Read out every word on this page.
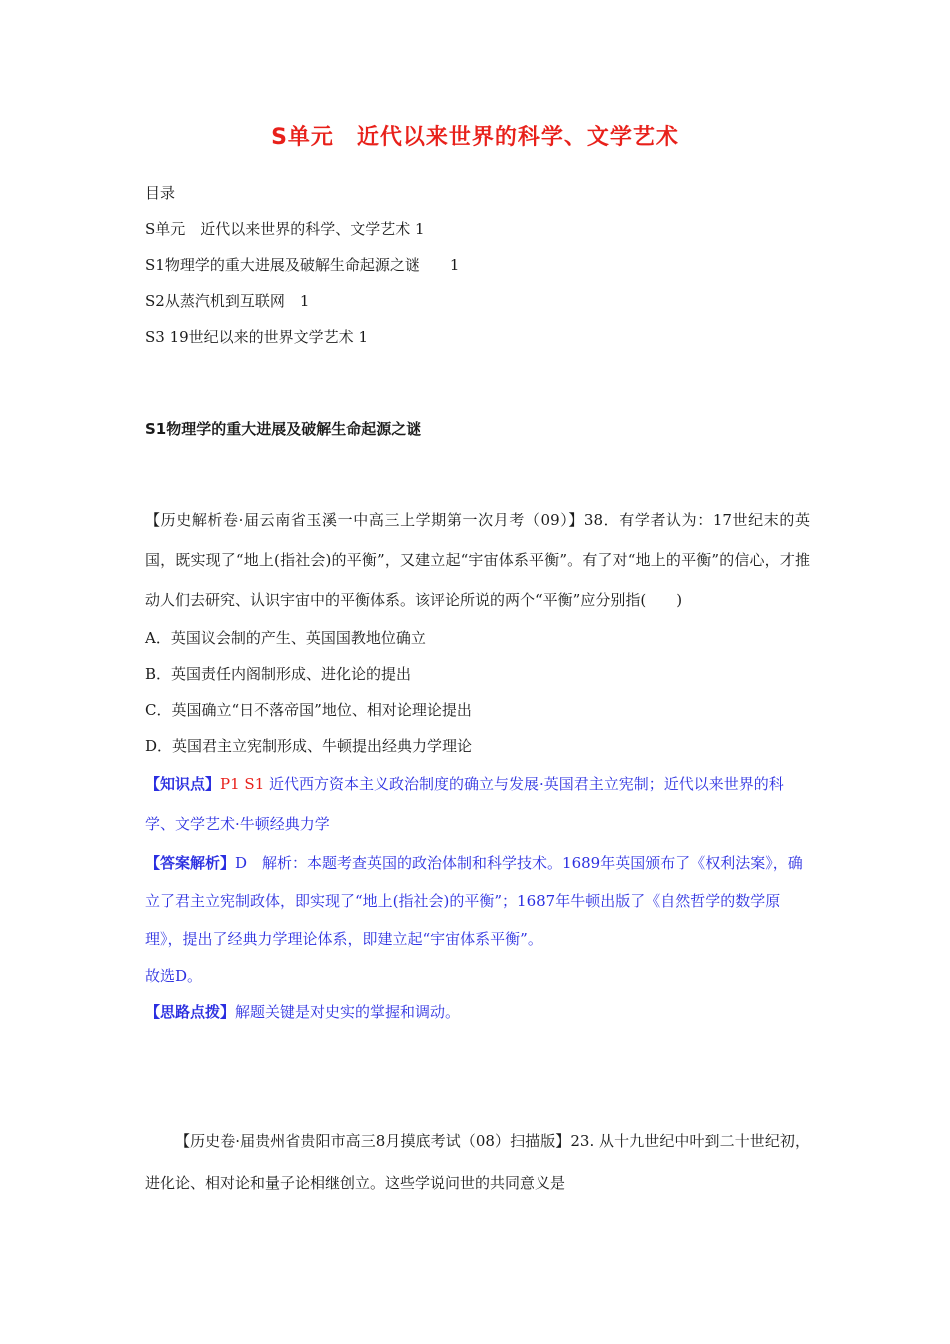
S单元　近代以来世界的科学、文学艺术
目录
S单元　近代以来世界的科学、文学艺术 1
S1物理学的重大进展及破解生命起源之谜　　1
S2从蒸汽机到互联网　1
S3 19世纪以来的世界文学艺术 1
S1物理学的重大进展及破解生命起源之谜
【历史解析卷·届云南省玉溪一中高三上学期第一次月考（09）】38．有学者认为：17世纪末的英国，既实现了“地上(指社会)的平衡”，又建立起“宇宙体系平衡”。有了对“地上的平衡”的信心，才推动人们去研究、认识宇宙中的平衡体系。该评论所说的两个“平衡”应分别指(　　)
A．英国议会制的产生、英国国教地位确立
B．英国责任内阁制形成、进化论的提出
C．英国确立“日不落帝国”地位、相对论理论提出
D．英国君主立宪制形成、牛顿提出经典力学理论
【知识点】P1 S1 近代西方资本主义政治制度的确立与发展·英国君主立宪制；近代以来世界的科学、文学艺术·牛顿经典力学
【答案解析】D　解析：本题考查英国的政治体制和科学技术。1689年英国颁布了《权利法案》，确立了君主立宪制政体，即实现了“地上(指社会)的平衡”；1687年牛顿出版了《自然哲学的数学原理》，提出了经典力学理论体系，即建立起“宇宙体系平衡”。
故选D。
【思路点拨】解题关键是对史实的掌握和调动。
【历史卷·届贵州省贵阳市高三8月摸底考试（08）扫描版】23. 从十九世纪中叶到二十世纪初，进化论、相对论和量子论相继创立。这些学说问世的共同意义是
